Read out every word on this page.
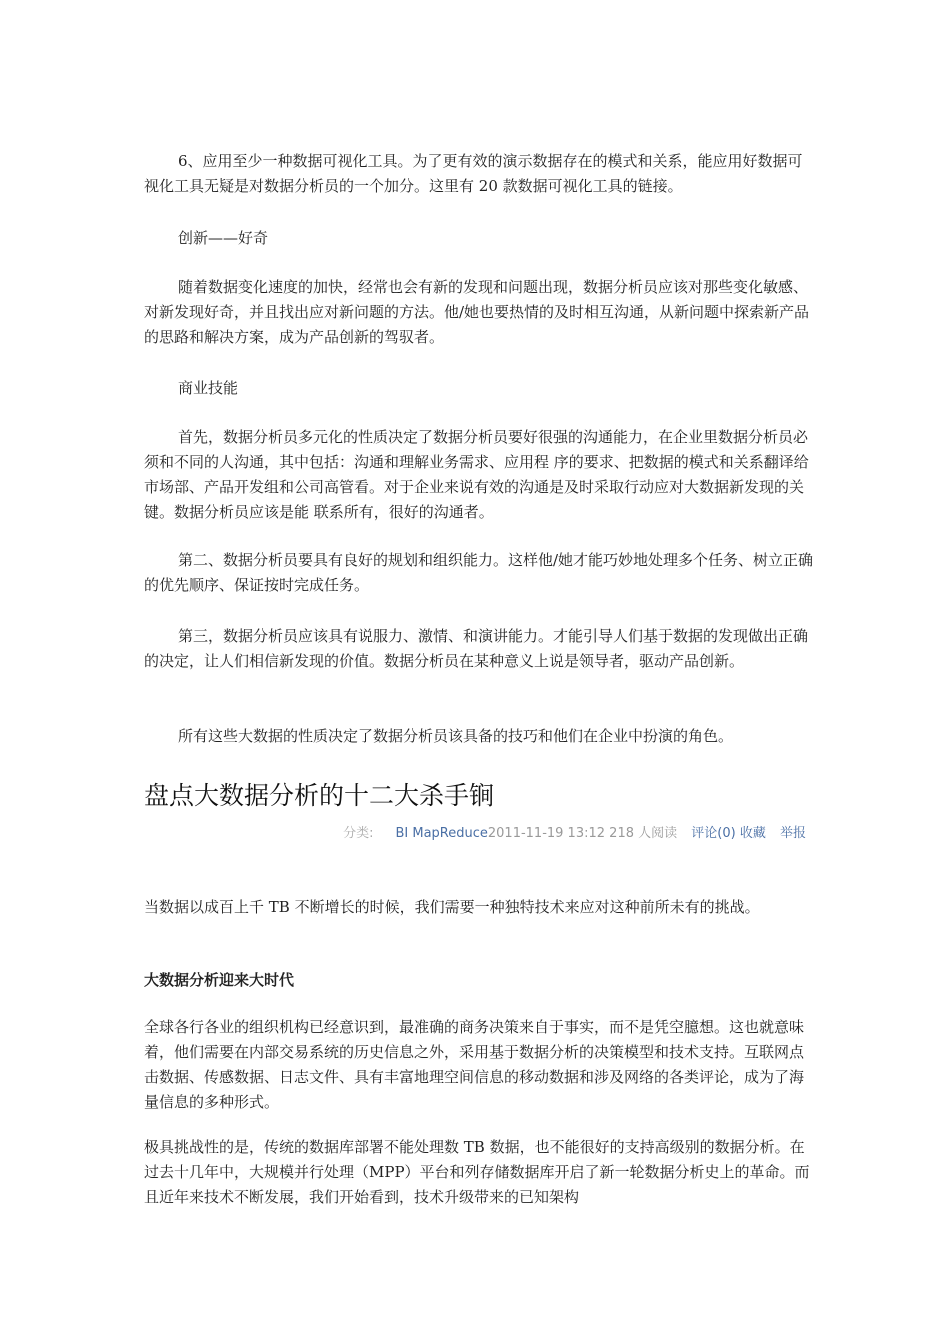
6、应用至少一种数据可视化工具。为了更有效的演示数据存在的模式和关系，能应用好数据可视化工具无疑是对数据分析员的一个加分。这里有 20 款数据可视化工具的链接。

创新——好奇

随着数据变化速度的加快，经常也会有新的发现和问题出现，数据分析员应该对那些变化敏感、对新发现好奇，并且找出应对新问题的方法。他/她也要热情的及时相互沟通，从新问题中探索新产品的思路和解决方案，成为产品创新的驾驭者。

商业技能

首先，数据分析员多元化的性质决定了数据分析员要好很强的沟通能力，在企业里数据分析员必须和不同的人沟通，其中包括：沟通和理解业务需求、应用程 序的要求、把数据的模式和关系翻译给市场部、产品开发组和公司高管看。对于企业来说有效的沟通是及时采取行动应对大数据新发现的关键。数据分析员应该是能 联系所有，很好的沟通者。

第二、数据分析员要具有良好的规划和组织能力。这样他/她才能巧妙地处理多个任务、树立正确的优先顺序、保证按时完成任务。

第三，数据分析员应该具有说服力、激情、和演讲能力。才能引导人们基于数据的发现做出正确的决定，让人们相信新发现的价值。数据分析员在某种意义上说是领导者，驱动产品创新。

所有这些大数据的性质决定了数据分析员该具备的技巧和他们在企业中扮演的角色。

盘点大数据分析的十二大杀手锏
分类: BI MapReduce2011-11-19 13:12 218 人阅读 评论(0) 收藏 举报

当数据以成百上千 TB 不断增长的时候，我们需要一种独特技术来应对这种前所未有的挑战。

大数据分析迎来大时代

全球各行各业的组织机构已经意识到，最准确的商务决策来自于事实，而不是凭空臆想。这也就意味着，他们需要在内部交易系统的历史信息之外，采用基于数据分析的决策模型和技术支持。互联网点击数据、传感数据、日志文件、具有丰富地理空间信息的移动数据和涉及网络的各类评论，成为了海量信息的多种形式。

极具挑战性的是，传统的数据库部署不能处理数 TB 数据，也不能很好的支持高级别的数据分析。在过去十几年中，大规模并行处理（MPP）平台和列存储数据库开启了新一轮数据分析史上的革命。而且近年来技术不断发展，我们开始看到，技术升级带来的已知架构
